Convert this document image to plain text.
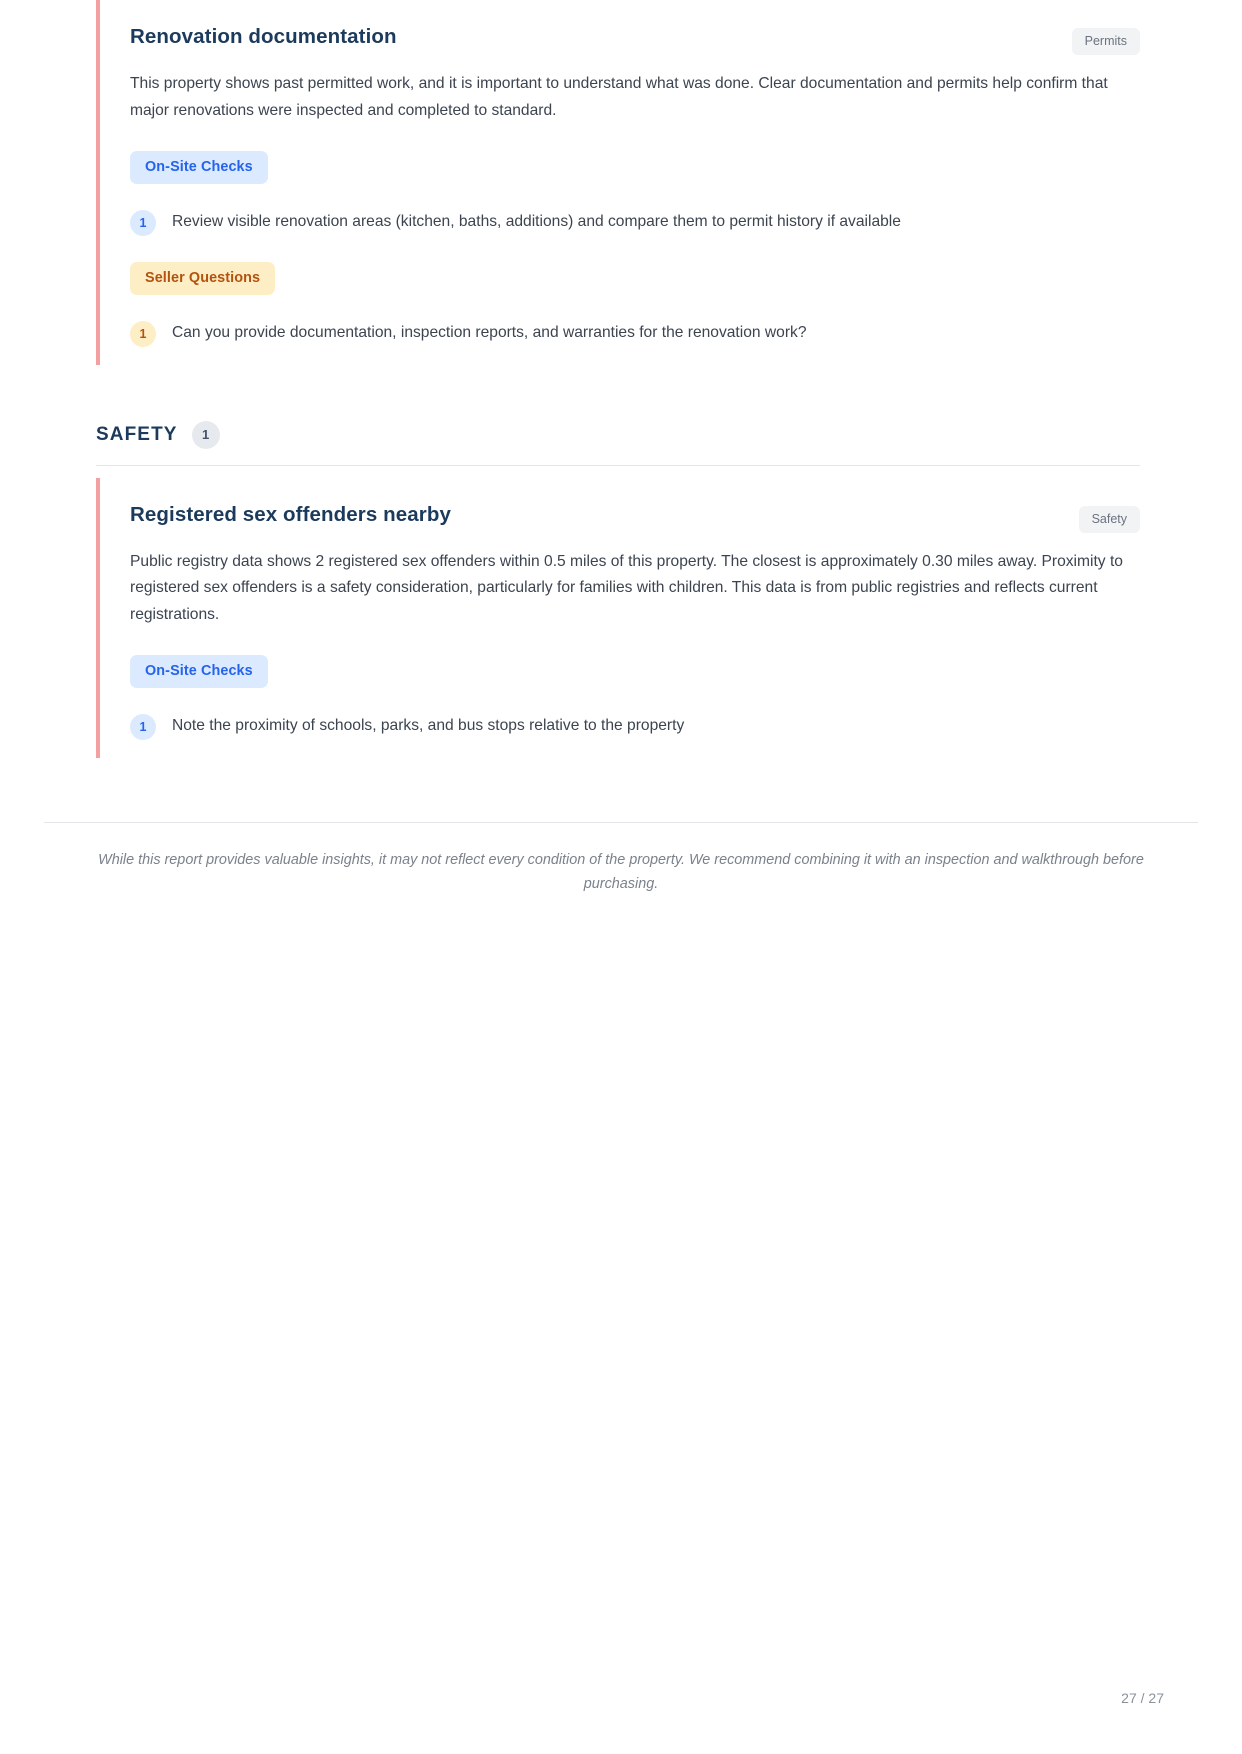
Renovation documentation	Permits

This property shows past permitted work, and it is important to understand what was done. Clear documentation and permits help confirm that major renovations were inspected and completed to standard.

On-Site Checks
1	Review visible renovation areas (kitchen, baths, additions) and compare them to permit history if available
Seller Questions
1	Can you provide documentation, inspection reports, and warranties for the renovation work?
SAFETY	1
Registered sex offenders nearby	Safety

Public registry data shows 2 registered sex offenders within 0.5 miles of this property. The closest is approximately 0.30 miles away. Proximity to registered sex offenders is a safety consideration, particularly for families with children. This data is from public registries and reflects current registrations.

On-Site Checks
1	Note the proximity of schools, parks, and bus stops relative to the property

While this report provides valuable insights, it may not reflect every condition of the property. We recommend combining it with an inspection and walkthrough before purchasing.

27 / 27
